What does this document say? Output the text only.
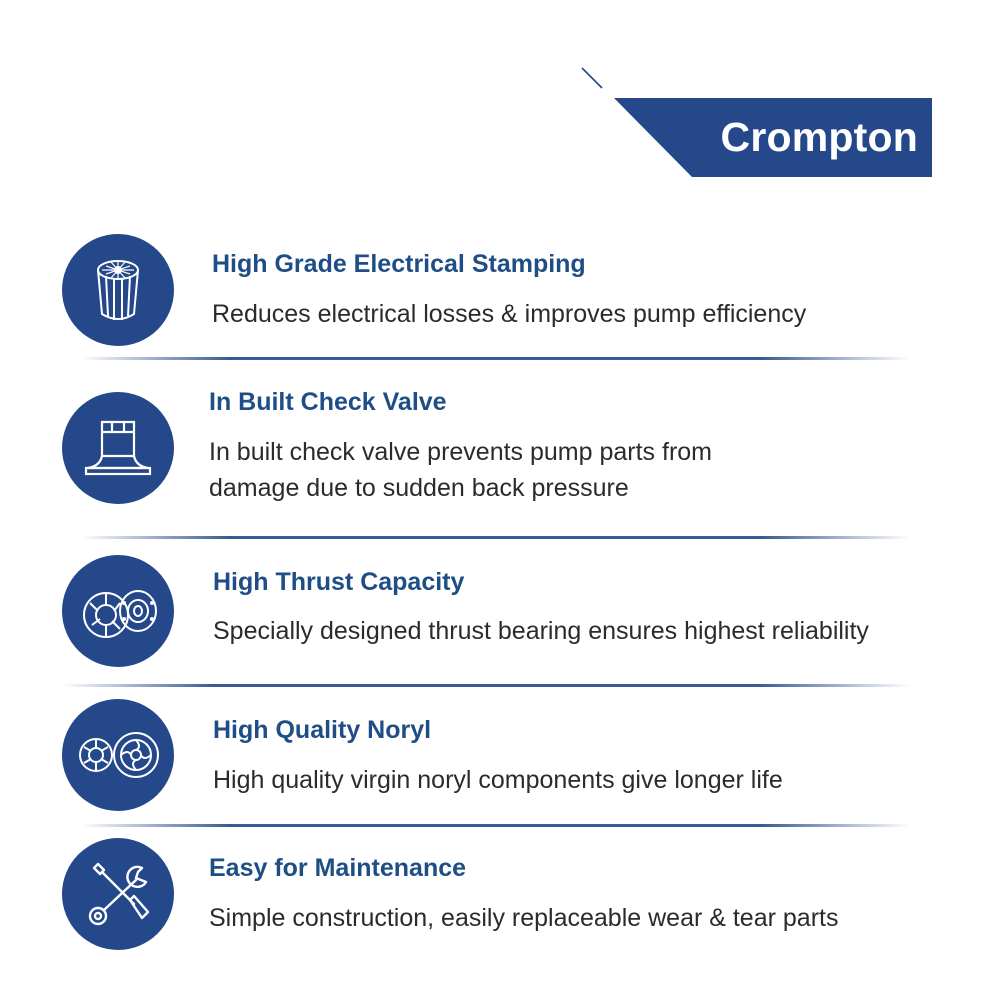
Crompton
High Grade Electrical Stamping
Reduces electrical losses & improves pump efficiency
In Built Check Valve
In built check valve prevents pump parts from
damage due to sudden back pressure
High Thrust Capacity
Specially designed thrust bearing ensures highest reliability
High Quality Noryl
High quality virgin noryl components give longer life
Easy for Maintenance
Simple construction, easily replaceable wear & tear parts
